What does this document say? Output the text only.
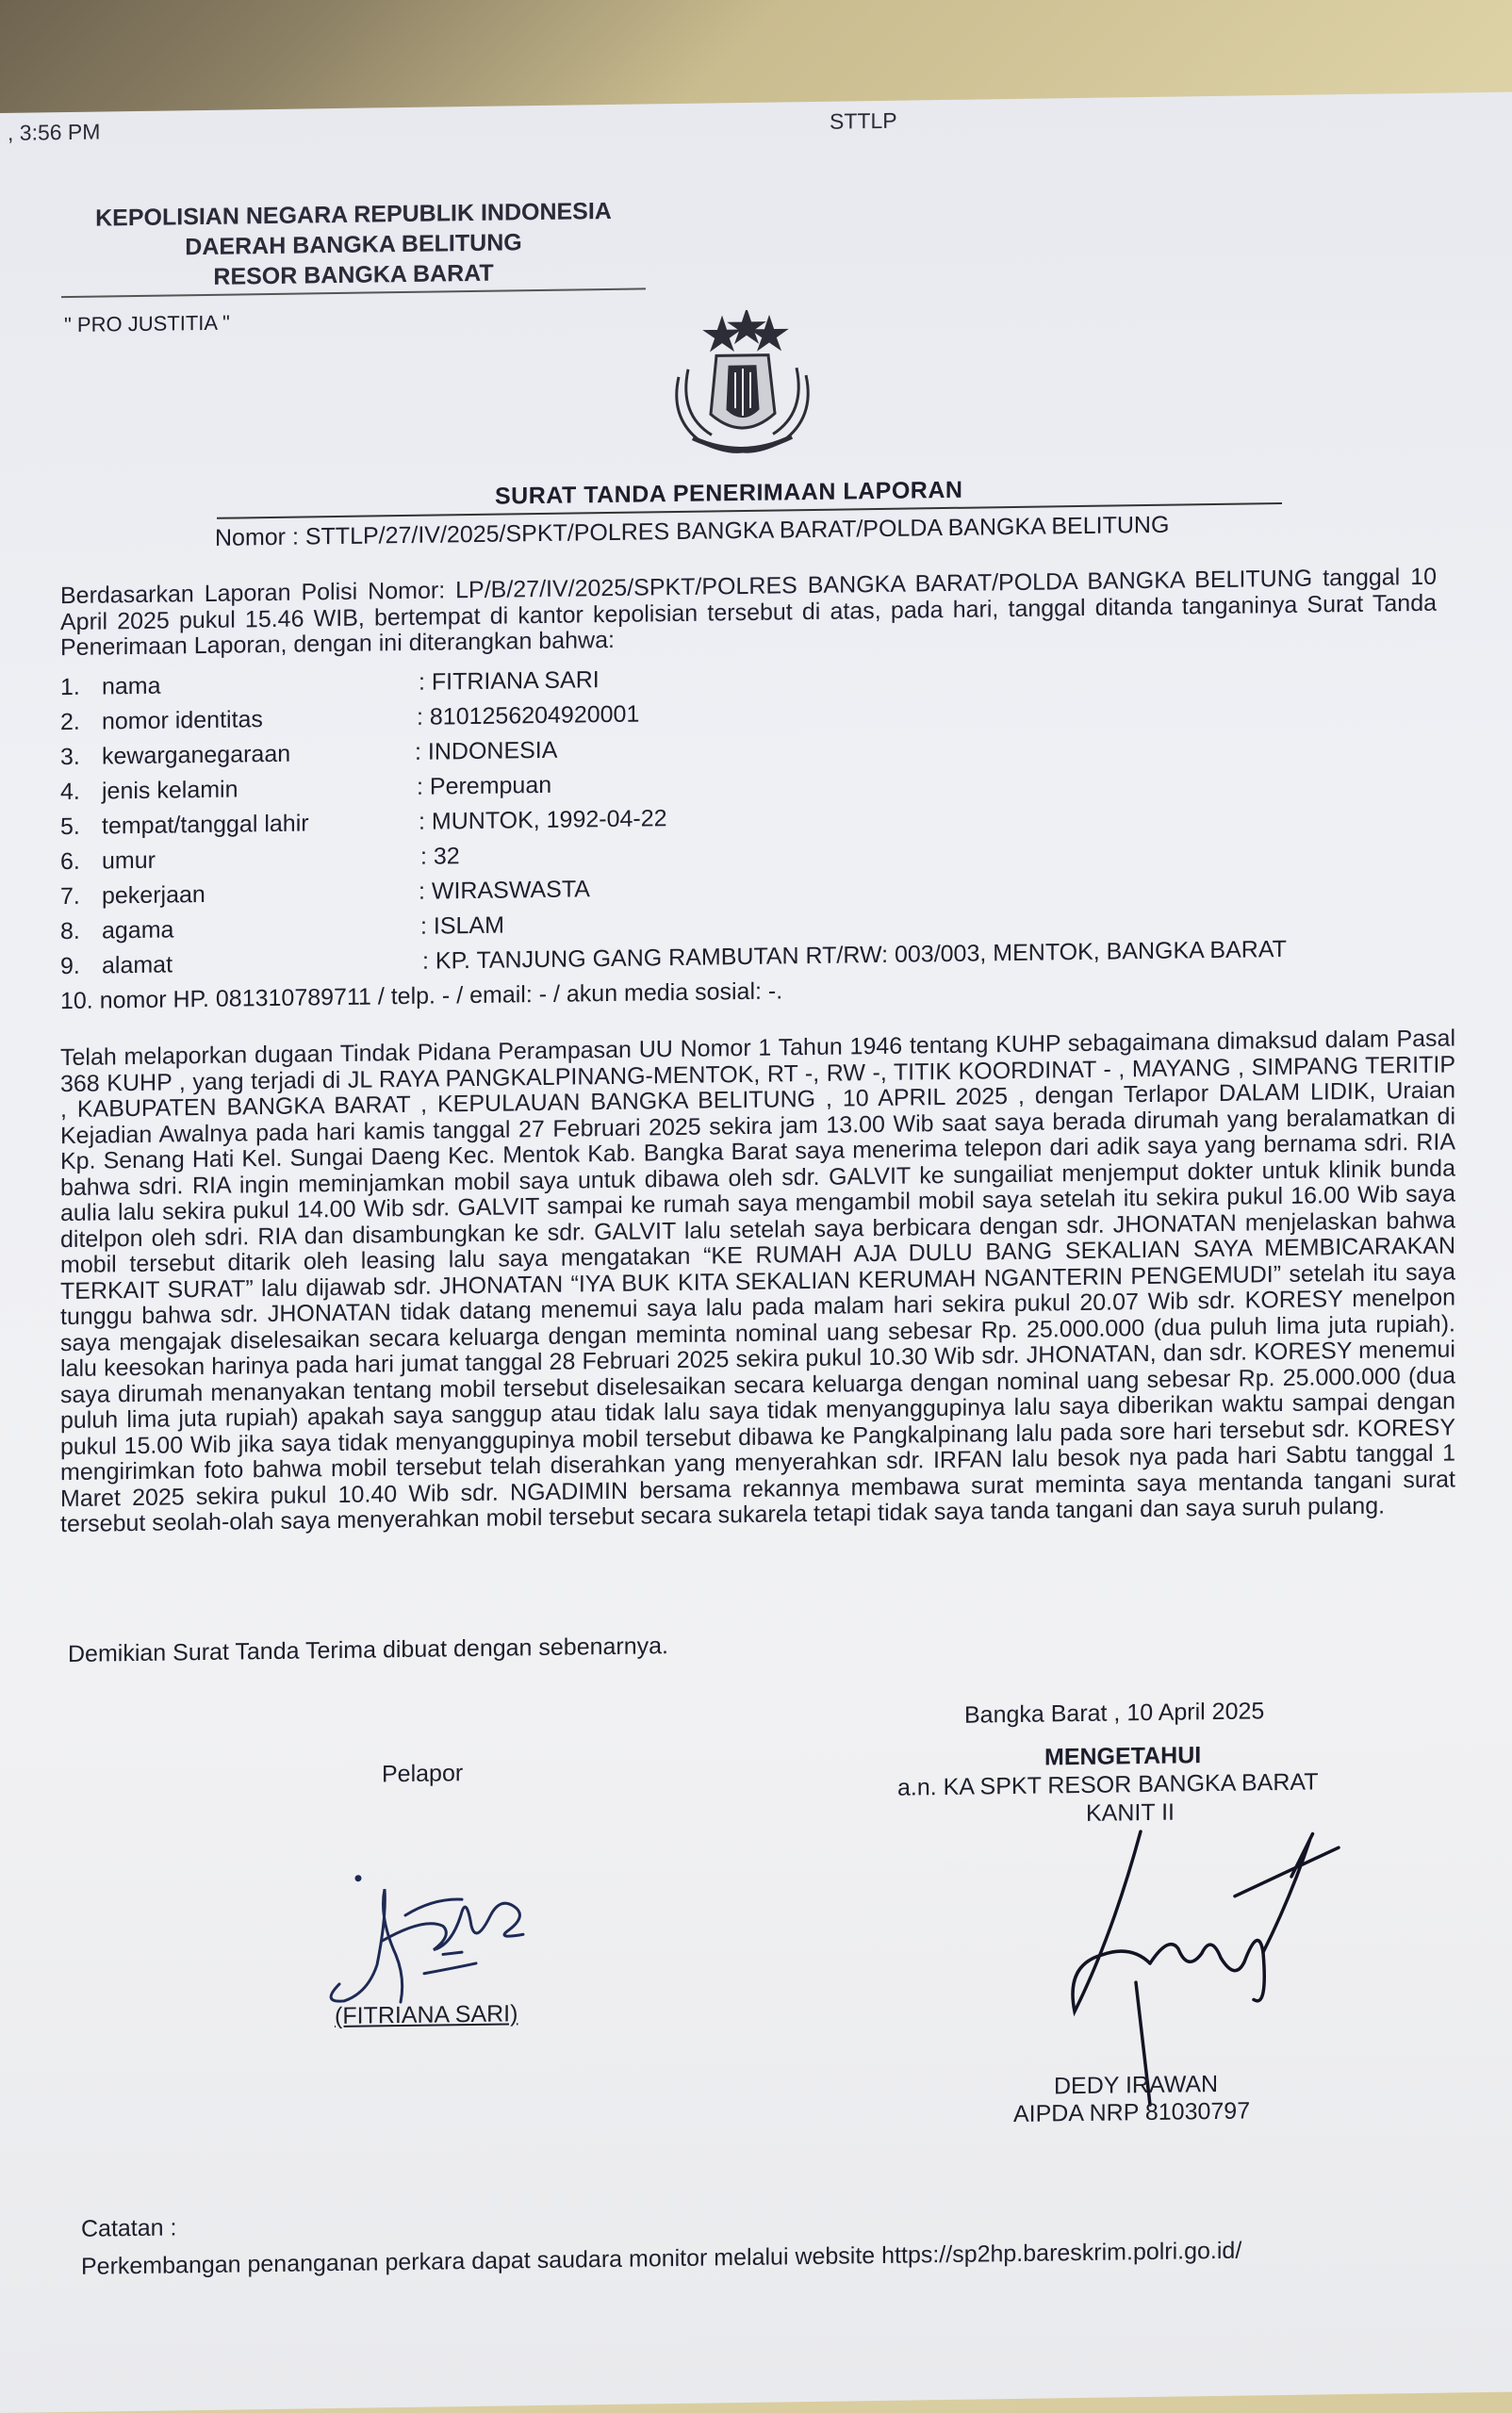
, 3:56 PM	STTLP
KEPOLISIAN NEGARA REPUBLIK INDONESIA
DAERAH BANGKA BELITUNG
RESOR BANGKA BARAT
" PRO JUSTITIA "
SURAT TANDA PENERIMAAN LAPORAN
Nomor : STTLP/27/IV/2025/SPKT/POLRES BANGKA BARAT/POLDA BANGKA BELITUNG

Berdasarkan Laporan Polisi Nomor: LP/B/27/IV/2025/SPKT/POLRES BANGKA BARAT/POLDA BANGKA BELITUNG tanggal 10 April 2025 pukul 15.46 WIB, bertempat di kantor kepolisian tersebut di atas, pada hari, tanggal ditanda tanganinya Surat Tanda Penerimaan Laporan, dengan ini diterangkan bahwa:

1. nama	: FITRIANA SARI
2. nomor identitas	: 8101256204920001
3. kewarganegaraan	: INDONESIA
4. jenis kelamin	: Perempuan
5. tempat/tanggal lahir	: MUNTOK, 1992-04-22
6. umur	: 32
7. pekerjaan	: WIRASWASTA
8. agama	: ISLAM
9. alamat	: KP. TANJUNG GANG RAMBUTAN RT/RW: 003/003, MENTOK, BANGKA BARAT
10. nomor HP. 081310789711 / telp. - / email: - / akun media sosial: -.

Telah melaporkan dugaan Tindak Pidana Perampasan UU Nomor 1 Tahun 1946 tentang KUHP sebagaimana dimaksud dalam Pasal 368 KUHP , yang terjadi di JL RAYA PANGKALPINANG-MENTOK, RT -, RW -, TITIK KOORDINAT - , MAYANG , SIMPANG TERITIP , KABUPATEN BANGKA BARAT , KEPULAUAN BANGKA BELITUNG , 10 APRIL 2025 , dengan Terlapor DALAM LIDIK, Uraian Kejadian Awalnya pada hari kamis tanggal 27 Februari 2025 sekira jam 13.00 Wib saat saya berada dirumah yang beralamatkan di Kp. Senang Hati Kel. Sungai Daeng Kec. Mentok Kab. Bangka Barat saya menerima telepon dari adik saya yang bernama sdri. RIA bahwa sdri. RIA ingin meminjamkan mobil saya untuk dibawa oleh sdr. GALVIT ke sungailiat menjemput dokter untuk klinik bunda aulia lalu sekira pukul 14.00 Wib sdr. GALVIT sampai ke rumah saya mengambil mobil saya setelah itu sekira pukul 16.00 Wib saya ditelpon oleh sdri. RIA dan disambungkan ke sdr. GALVIT lalu setelah saya berbicara dengan sdr. JHONATAN menjelaskan bahwa mobil tersebut ditarik oleh leasing lalu saya mengatakan “KE RUMAH AJA DULU BANG SEKALIAN SAYA MEMBICARAKAN TERKAIT SURAT” lalu dijawab sdr. JHONATAN “IYA BUK KITA SEKALIAN KERUMAH NGANTERIN PENGEMUDI” setelah itu saya tunggu bahwa sdr. JHONATAN tidak datang menemui saya lalu pada malam hari sekira pukul 20.07 Wib sdr. KORESY menelpon saya mengajak diselesaikan secara keluarga dengan meminta nominal uang sebesar Rp. 25.000.000 (dua puluh lima juta rupiah). lalu keesokan harinya pada hari jumat tanggal 28 Februari 2025 sekira pukul 10.30 Wib sdr. JHONATAN, dan sdr. KORESY menemui saya dirumah menanyakan tentang mobil tersebut diselesaikan secara keluarga dengan nominal uang sebesar Rp. 25.000.000 (dua puluh lima juta rupiah) apakah saya sanggup atau tidak lalu saya tidak menyanggupinya lalu saya diberikan waktu sampai dengan pukul 15.00 Wib jika saya tidak menyanggupinya mobil tersebut dibawa ke Pangkalpinang lalu pada sore hari tersebut sdr. KORESY mengirimkan foto bahwa mobil tersebut telah diserahkan yang menyerahkan sdr. IRFAN lalu besok nya pada hari Sabtu tanggal 1 Maret 2025 sekira pukul 10.40 Wib sdr. NGADIMIN bersama rekannya membawa surat meminta saya mentanda tangani surat tersebut seolah-olah saya menyerahkan mobil tersebut secara sukarela tetapi tidak saya tanda tangani dan saya suruh pulang.

Demikian Surat Tanda Terima dibuat dengan sebenarnya.
Bangka Barat , 10 April 2025
MENGETAHUI
Pelapor	a.n. KA SPKT RESOR BANGKA BARAT
KANIT II
(FITRIANA SARI)
DEDY IRAWAN
AIPDA NRP 81030797
Catatan :
Perkembangan penanganan perkara dapat saudara monitor melalui website https://sp2hp.bareskrim.polri.go.id/
